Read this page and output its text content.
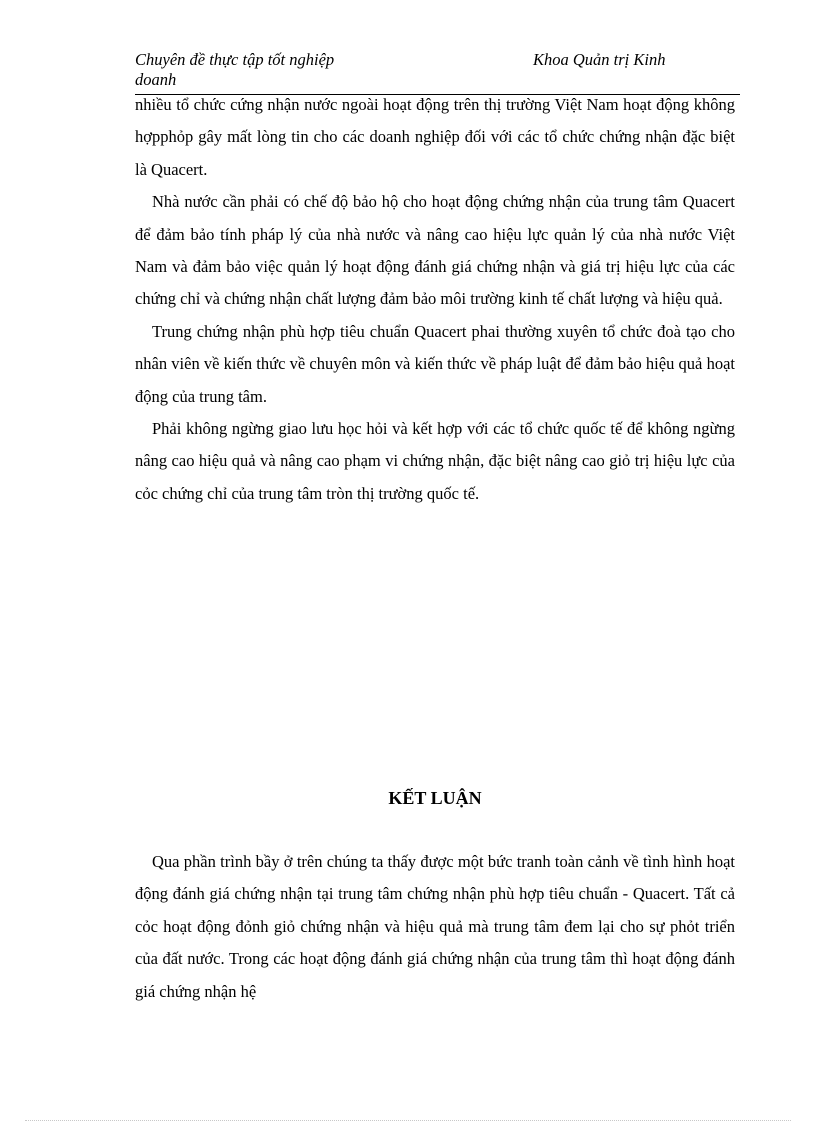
Chuyên đề thực tập tốt nghiệp
doanh
Khoa Quản trị Kinh

nhiều tổ chức cứng nhận nước ngoài hoạt động trên thị trường Việt Nam hoạt động không hợpphỏp gây mất lòng tin cho các doanh nghiệp đối với các tổ chức chứng nhận đặc biệt là Quacert.

Nhà nước cần phải có chế độ bảo hộ cho hoạt động chứng nhận của trung tâm Quacert để đảm bảo tính pháp lý của nhà nước và nâng cao hiệu lực quản lý của nhà nước Việt Nam và đảm bảo việc quản lý hoạt động đánh giá chứng nhận và giá trị hiệu lực của các chứng chỉ và chứng nhận chất lượng đảm bảo môi trường kinh tế chất lượng và hiệu quả.

Trung chứng nhận phù hợp tiêu chuẩn Quacert phai thường xuyên tổ chức đoà tạo cho nhân viên về kiến thức về chuyên môn và kiến thức về pháp luật để đảm bảo hiệu quả hoạt động của trung tâm.

Phải không ngừng giao lưu học hỏi và kết hợp với các tổ chức quốc tế để không ngừng nâng cao hiệu quả và nâng cao phạm vi chứng nhận, đặc biệt nâng cao giỏ trị hiệu lực của cỏc chứng chỉ của trung tâm tròn thị trường quốc tế.

KẾT LUẬN

Qua phần trình bầy ở trên chúng ta thấy được một bức tranh toàn cảnh về tình hình hoạt động đánh giá chứng nhận tại trung tâm chứng nhận phù hợp tiêu chuẩn - Quacert. Tất cả cỏc hoạt động đỏnh giỏ chứng nhận và hiệu quả mà trung tâm đem lại cho sự phỏt triển của đất nước. Trong các hoạt động đánh giá chứng nhận của trung tâm thì hoạt động đánh giá chứng nhận hệ
